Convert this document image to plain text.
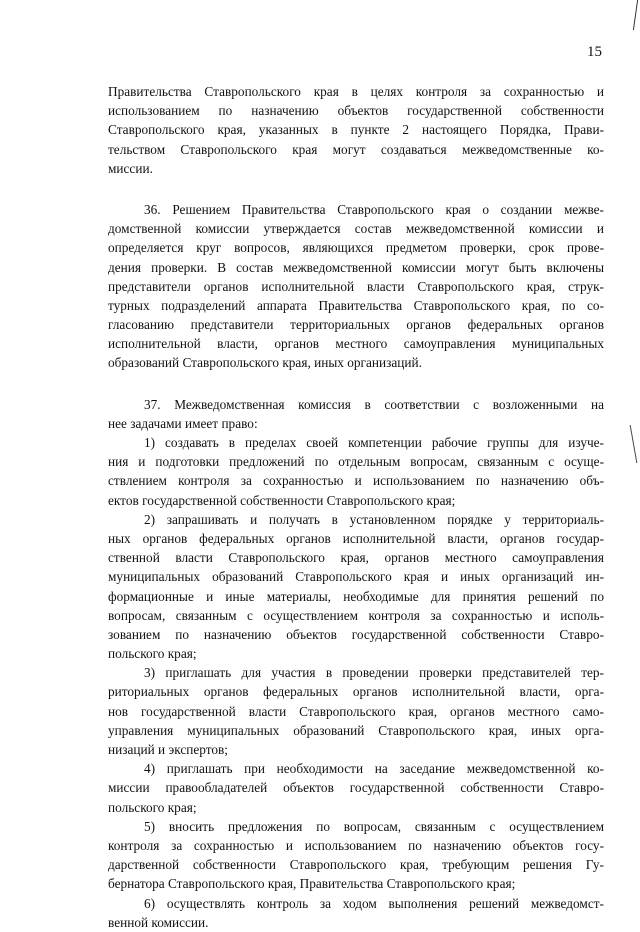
15
Правительства Ставропольского края в целях контроля за сохранностью и
использованием по назначению объектов государственной собственности
Ставропольского края, указанных в пункте 2 настоящего Порядка, Прави-
тельством Ставропольского края могут создаваться межведомственные ко-
миссии.
36. Решением Правительства Ставропольского края о создании межве-
домственной комиссии утверждается состав межведомственной комиссии и
определяется круг вопросов, являющихся предметом проверки, срок прове-
дения проверки. В состав межведомственной комиссии могут быть включены
представители органов исполнительной власти Ставропольского края, струк-
турных подразделений аппарата Правительства Ставропольского края, по со-
гласованию представители территориальных органов федеральных органов
исполнительной власти, органов местного самоуправления муниципальных
образований Ставропольского края, иных организаций.
37. Межведомственная комиссия в соответствии с возложенными на
нее задачами имеет право:
1) создавать в пределах своей компетенции рабочие группы для изуче-
ния и подготовки предложений по отдельным вопросам, связанным с осуще-
ствлением контроля за сохранностью и использованием по назначению объ-
ектов государственной собственности Ставропольского края;
2) запрашивать и получать в установленном порядке у территориаль-
ных органов федеральных органов исполнительной власти, органов государ-
ственной власти Ставропольского края, органов местного самоуправления
муниципальных образований Ставропольского края и иных организаций ин-
формационные и иные материалы, необходимые для принятия решений по
вопросам, связанным с осуществлением контроля за сохранностью и исполь-
зованием по назначению объектов государственной собственности Ставро-
польского края;
3) приглашать для участия в проведении проверки представителей тер-
риториальных органов федеральных органов исполнительной власти, орга-
нов государственной власти Ставропольского края, органов местного само-
управления муниципальных образований Ставропольского края, иных орга-
низаций и экспертов;
4) приглашать при необходимости на заседание межведомственной ко-
миссии правообладателей объектов государственной собственности Ставро-
польского края;
5) вносить предложения по вопросам, связанным с осуществлением
контроля за сохранностью и использованием по назначению объектов госу-
дарственной собственности Ставропольского края, требующим решения Гу-
бернатора Ставропольского края, Правительства Ставропольского края;
6) осуществлять контроль за ходом выполнения решений межведомст-
венной комиссии.
